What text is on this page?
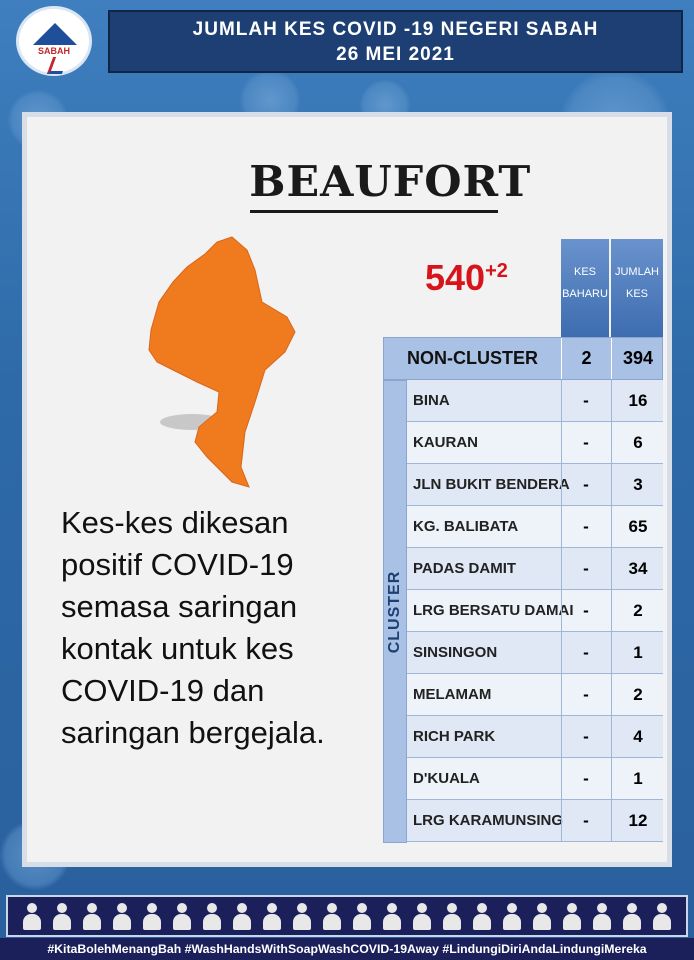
SABAH
JUMLAH KES COVID -19 NEGERI SABAH
26 MEI 2021
BEAUFORT
$540^{+2}$
Kes-kes dikesan positif COVID-19 semasa saringan kontak untuk kes COVID-19 dan saringan bergejala.
KES BAHARU
JUMLAH KES
NON-CLUSTER	2	394
CLUSTER
BINA	-	16
KAURAN	-	6
JLN BUKIT BENDERA -	3
KG. BALIBATA	-	65
PADAS DAMIT	-	34
LRG BERSATU DAMAI -	2
SINSINGON	-	1
MELAMAM	-	2
RICH PARK	-	4
D'KUALA	-	1
LRG KARAMUNSING	-	12
#KitaBolehMenangBah #WashHandsWithSoapWashCOVID-19Away #LindungiDiriAndaLindungiMereka
